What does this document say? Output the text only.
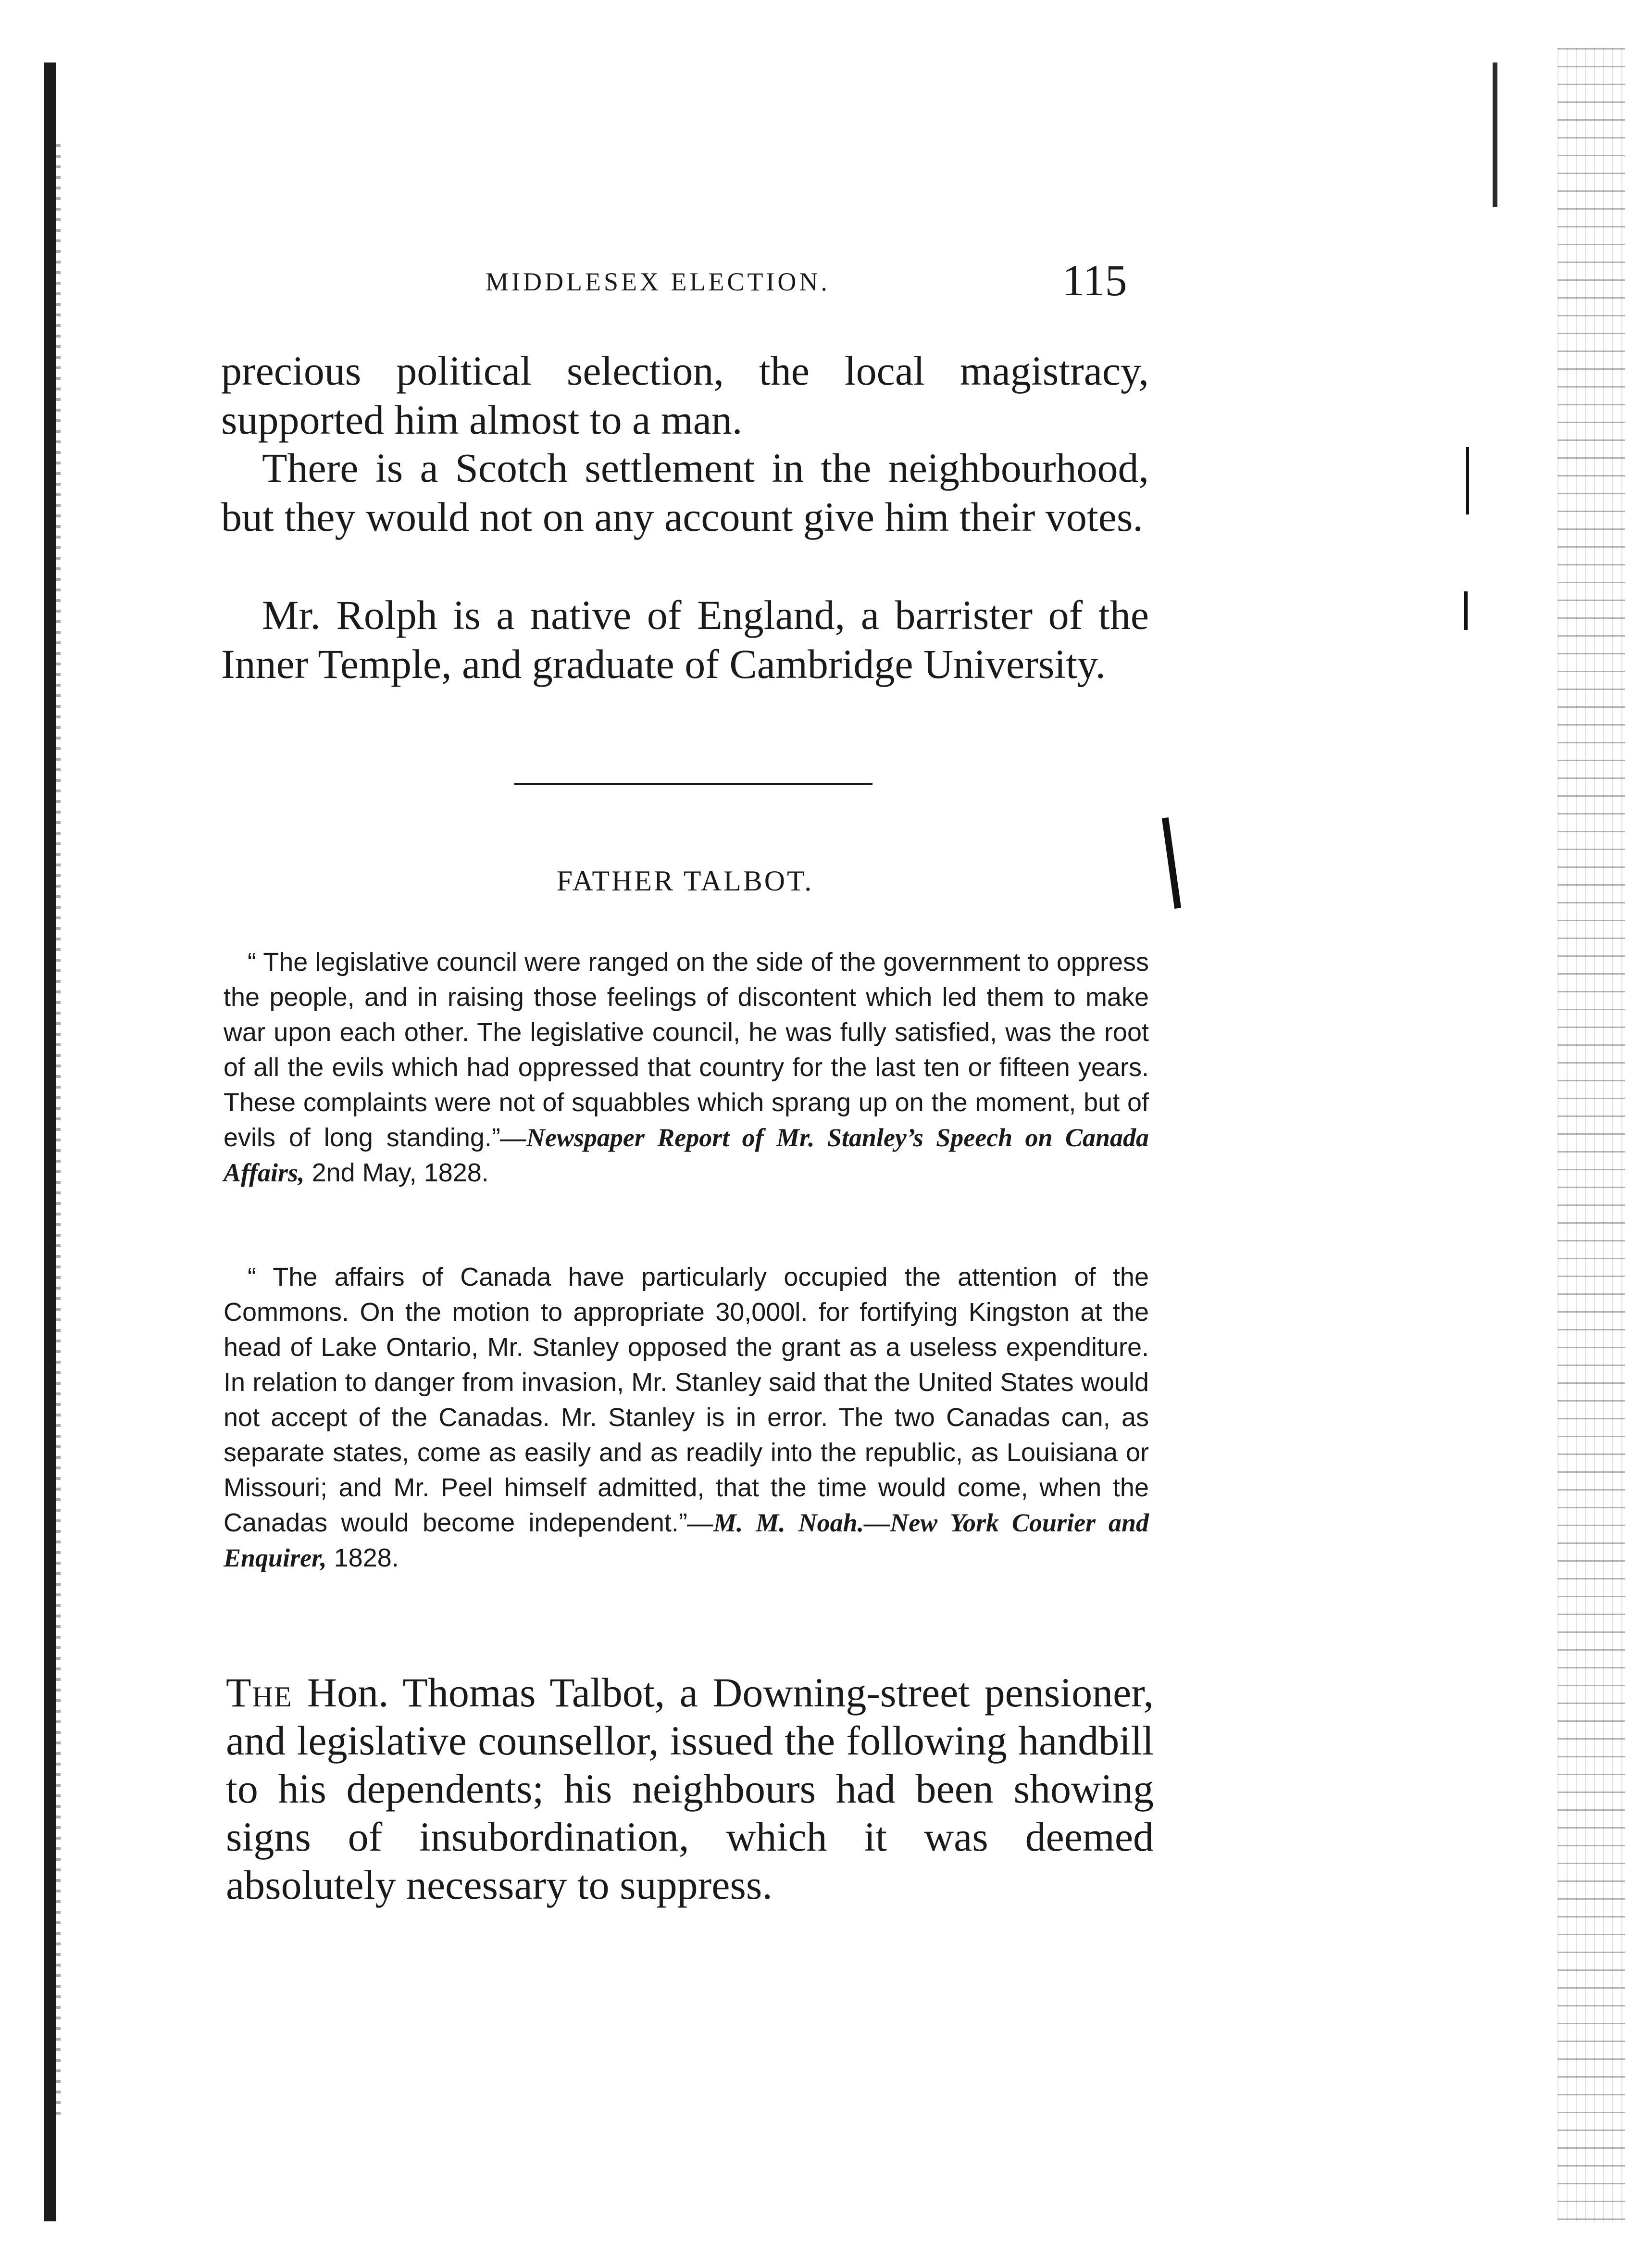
MIDDLESEX ELECTION.	115

precious political selection, the local magistracy, supported him almost to a man.

There is a Scotch settlement in the neighbourhood, but they would not on any account give him their votes.

Mr. Rolph is a native of England, a barrister of the Inner Temple, and graduate of Cambridge University.

FATHER TALBOT.

“ The legislative council were ranged on the side of the government to oppress the people, and in raising those feelings of discontent which led them to make war upon each other. The legislative council, he was fully satisfied, was the root of all the evils which had oppressed that country for the last ten or fifteen years. These complaints were not of squabbles which sprang up on the moment, but of evils of long standing.”—Newspaper Report of Mr. Stanley’s Speech on Canada Affairs, 2nd May, 1828.

“ The affairs of Canada have particularly occupied the attention of the Commons. On the motion to appropriate 30,000l. for fortifying Kingston at the head of Lake Ontario, Mr. Stanley opposed the grant as a useless expenditure. In relation to danger from invasion, Mr. Stanley said that the United States would not accept of the Canadas. Mr. Stanley is in error. The two Canadas can, as separate states, come as easily and as readily into the republic, as Louisiana or Missouri; and Mr. Peel himself admitted, that the time would come, when the Canadas would become independent.”—M. M. Noah.—New York Courier and Enquirer, 1828.

The Hon. Thomas Talbot, a Downing-street pensioner, and legislative counsellor, issued the following handbill to his dependents; his neighbours had been showing signs of insubordination, which it was deemed absolutely necessary to suppress.
